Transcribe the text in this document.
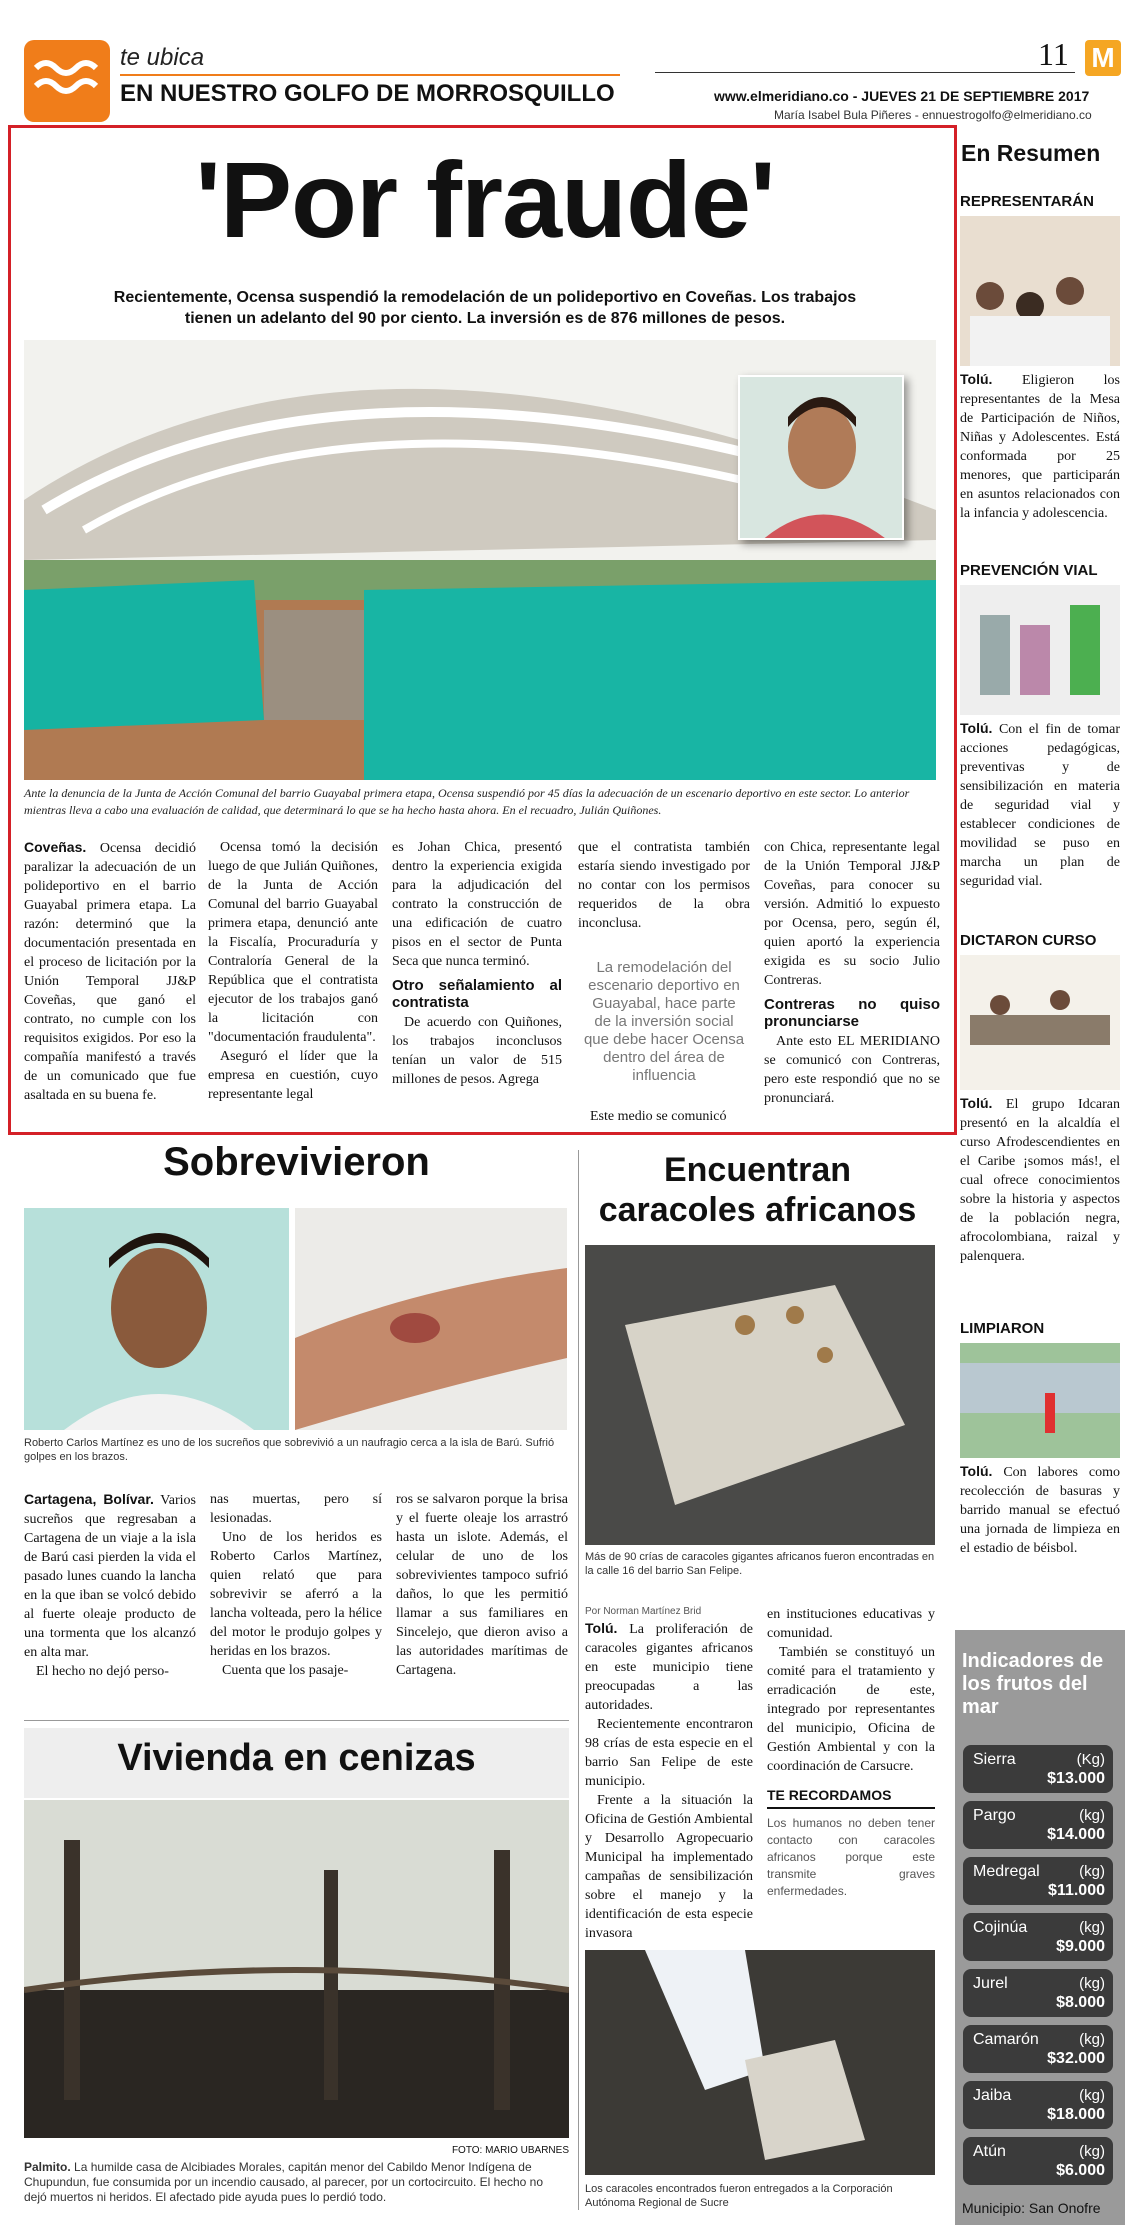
te ubica
EN NUESTRO GOLFO DE MORROSQUILLO
11 M
www.elmeridiano.co - JUEVES 21 DE SEPTIEMBRE 2017
María Isabel Bula Piñeres - ennuestrogolfo@elmeridiano.co
'Por fraude'
Recientemente, Ocensa suspendió la remodelación de un polideportivo en Coveñas. Los trabajos tienen un adelanto del 90 por ciento. La inversión es de 876 millones de pesos.
Ante la denuncia de la Junta de Acción Comunal del barrio Guayabal primera etapa, Ocensa suspendió por 45 días la adecuación de un escenario deportivo en este sector. Lo anterior mientras lleva a cabo una evaluación de calidad, que determinará lo que se ha hecho hasta ahora. En el recuadro, Julián Quiñones.

Coveñas. Ocensa decidió paralizar la adecuación de un polideportivo en el barrio Guayabal primera etapa. La razón: determinó que la documentación presentada en el proceso de licitación por la Unión Temporal JJ&P Coveñas, que ganó el contrato, no cumple con los requisitos exigidos. Por eso la compañía manifestó a través de un comunicado que fue asaltada en su buena fe.

Ocensa tomó la decisión luego de que Julián Quiñones, de la Junta de Acción Comunal del barrio Guayabal primera etapa, denunció ante la Fiscalía, Procuraduría y Contraloría General de la República que el contratista ejecutor de los trabajos ganó la licitación con "documentación fraudulenta".

Aseguró el líder que la empresa en cuestión, cuyo representante legal

es Johan Chica, presentó dentro la experiencia exigida para la adjudicación del contrato la construcción de una edificación de cuatro pisos en el sector de Punta Seca que nunca terminó.

Otro señalamiento al contratista

De acuerdo con Quiñones, los trabajos inconclusos tenían un valor de 515 millones de pesos. Agrega

que el contratista también estaría siendo investigado por no contar con los permisos requeridos de la obra inconclusa.

La remodelación del escenario deportivo en Guayabal, hace parte de la inversión social que debe hacer Ocensa dentro del área de influencia

Este medio se comunicó

con Chica, representante legal de la Unión Temporal JJ&P Coveñas, para conocer su versión. Admitió lo expuesto por Ocensa, pero, según él, quien aportó la experiencia exigida es su socio Julio Contreras.

Contreras no quiso pronunciarse

Ante esto EL MERIDIANO se comunicó con Contreras, pero este respondió que no se pronunciará.

En Resumen
REPRESENTARÁN
Tolú. Eligieron los representantes de la Mesa de Participación de Niños, Niñas y Adolescentes. Está conformada por 25 menores, que participarán en asuntos relacionados con la infancia y adolescencia.
PREVENCIÓN VIAL
Tolú. Con el fin de tomar acciones pedagógicas, preventivas y de sensibilización en materia de seguridad vial y establecer condiciones de movilidad se puso en marcha un plan de seguridad vial.
DICTARON CURSO
Tolú. El grupo Idcaran presentó en la alcaldía el curso Afrodescendientes en el Caribe ¡somos más!, el cual ofrece conocimientos sobre la historia y aspectos de la población negra, afrocolombiana, raizal y palenquera.
LIMPIARON
Tolú. Con labores como recolección de basuras y barrido manual se efectuó una jornada de limpieza en el estadio de béisbol.
Indicadores de los frutos del mar
Sierra	(Kg)
$13.000
Pargo	(kg)
$14.000
Medregal	(kg)
$11.000
Cojinúa	(kg)
$9.000
Jurel	(kg)
$8.000
Camarón	(kg)
$32.000
Jaiba	(kg)
$18.000
Atún	(kg)
$6.000
Municipio: San Onofre
Sobrevivieron
Roberto Carlos Martínez es uno de los sucreños que sobrevivió a un naufragio cerca a la isla de Barú. Sufrió golpes en los brazos.

Cartagena, Bolívar. Varios sucreños que regresaban a Cartagena de un viaje a la isla de Barú casi pierden la vida el pasado lunes cuando la lancha en la que iban se volcó debido al fuerte oleaje producto de una tormenta que los alcanzó en alta mar.

El hecho no dejó perso-

nas muertas, pero sí lesionadas.

Uno de los heridos es Roberto Carlos Martínez, quien relató que para sobrevivir se aferró a la lancha volteada, pero la hélice del motor le produjo golpes y heridas en los brazos.

Cuenta que los pasaje-

ros se salvaron porque la brisa y el fuerte oleaje los arrastró hasta un islote. Además, el celular de uno de los sobrevivientes tampoco sufrió daños, lo que les permitió llamar a sus familiares en Sincelejo, que dieron aviso a las autoridades marítimas de Cartagena.

Vivienda en cenizas
FOTO: MARIO UBARNES
Palmito. La humilde casa de Alcibiades Morales, capitán menor del Cabildo Menor Indígena de Chupundun, fue consumida por un incendio causado, al parecer, por un cortocircuito. El hecho no dejó muertos ni heridos. El afectado pide ayuda pues lo perdió todo.
Encuentran caracoles africanos
Más de 90 crías de caracoles gigantes africanos fueron encontradas en la calle 16 del barrio San Felipe.
Por Norman Martínez Brid

Tolú. La proliferación de caracoles gigantes africanos en este municipio tiene preocupadas a las autoridades.

Recientemente encontraron 98 crías de esta especie en el barrio San Felipe de este municipio.

Frente a la situación la Oficina de Gestión Ambiental y Desarrollo Agropecuario Municipal ha implementado campañas de sensibilización sobre el manejo y la identificación de esta especie invasora

en instituciones educativas y comunidad.

También se constituyó un comité para el tratamiento y erradicación de este, integrado por representantes del municipio, Oficina de Gestión Ambiental y con la coordinación de Carsucre.

TE RECORDAMOS
Los humanos no deben tener contacto con caracoles africanos porque este transmite graves enfermedades.
Los caracoles encontrados fueron entregados a la Corporación Autónoma Regional de Sucre
